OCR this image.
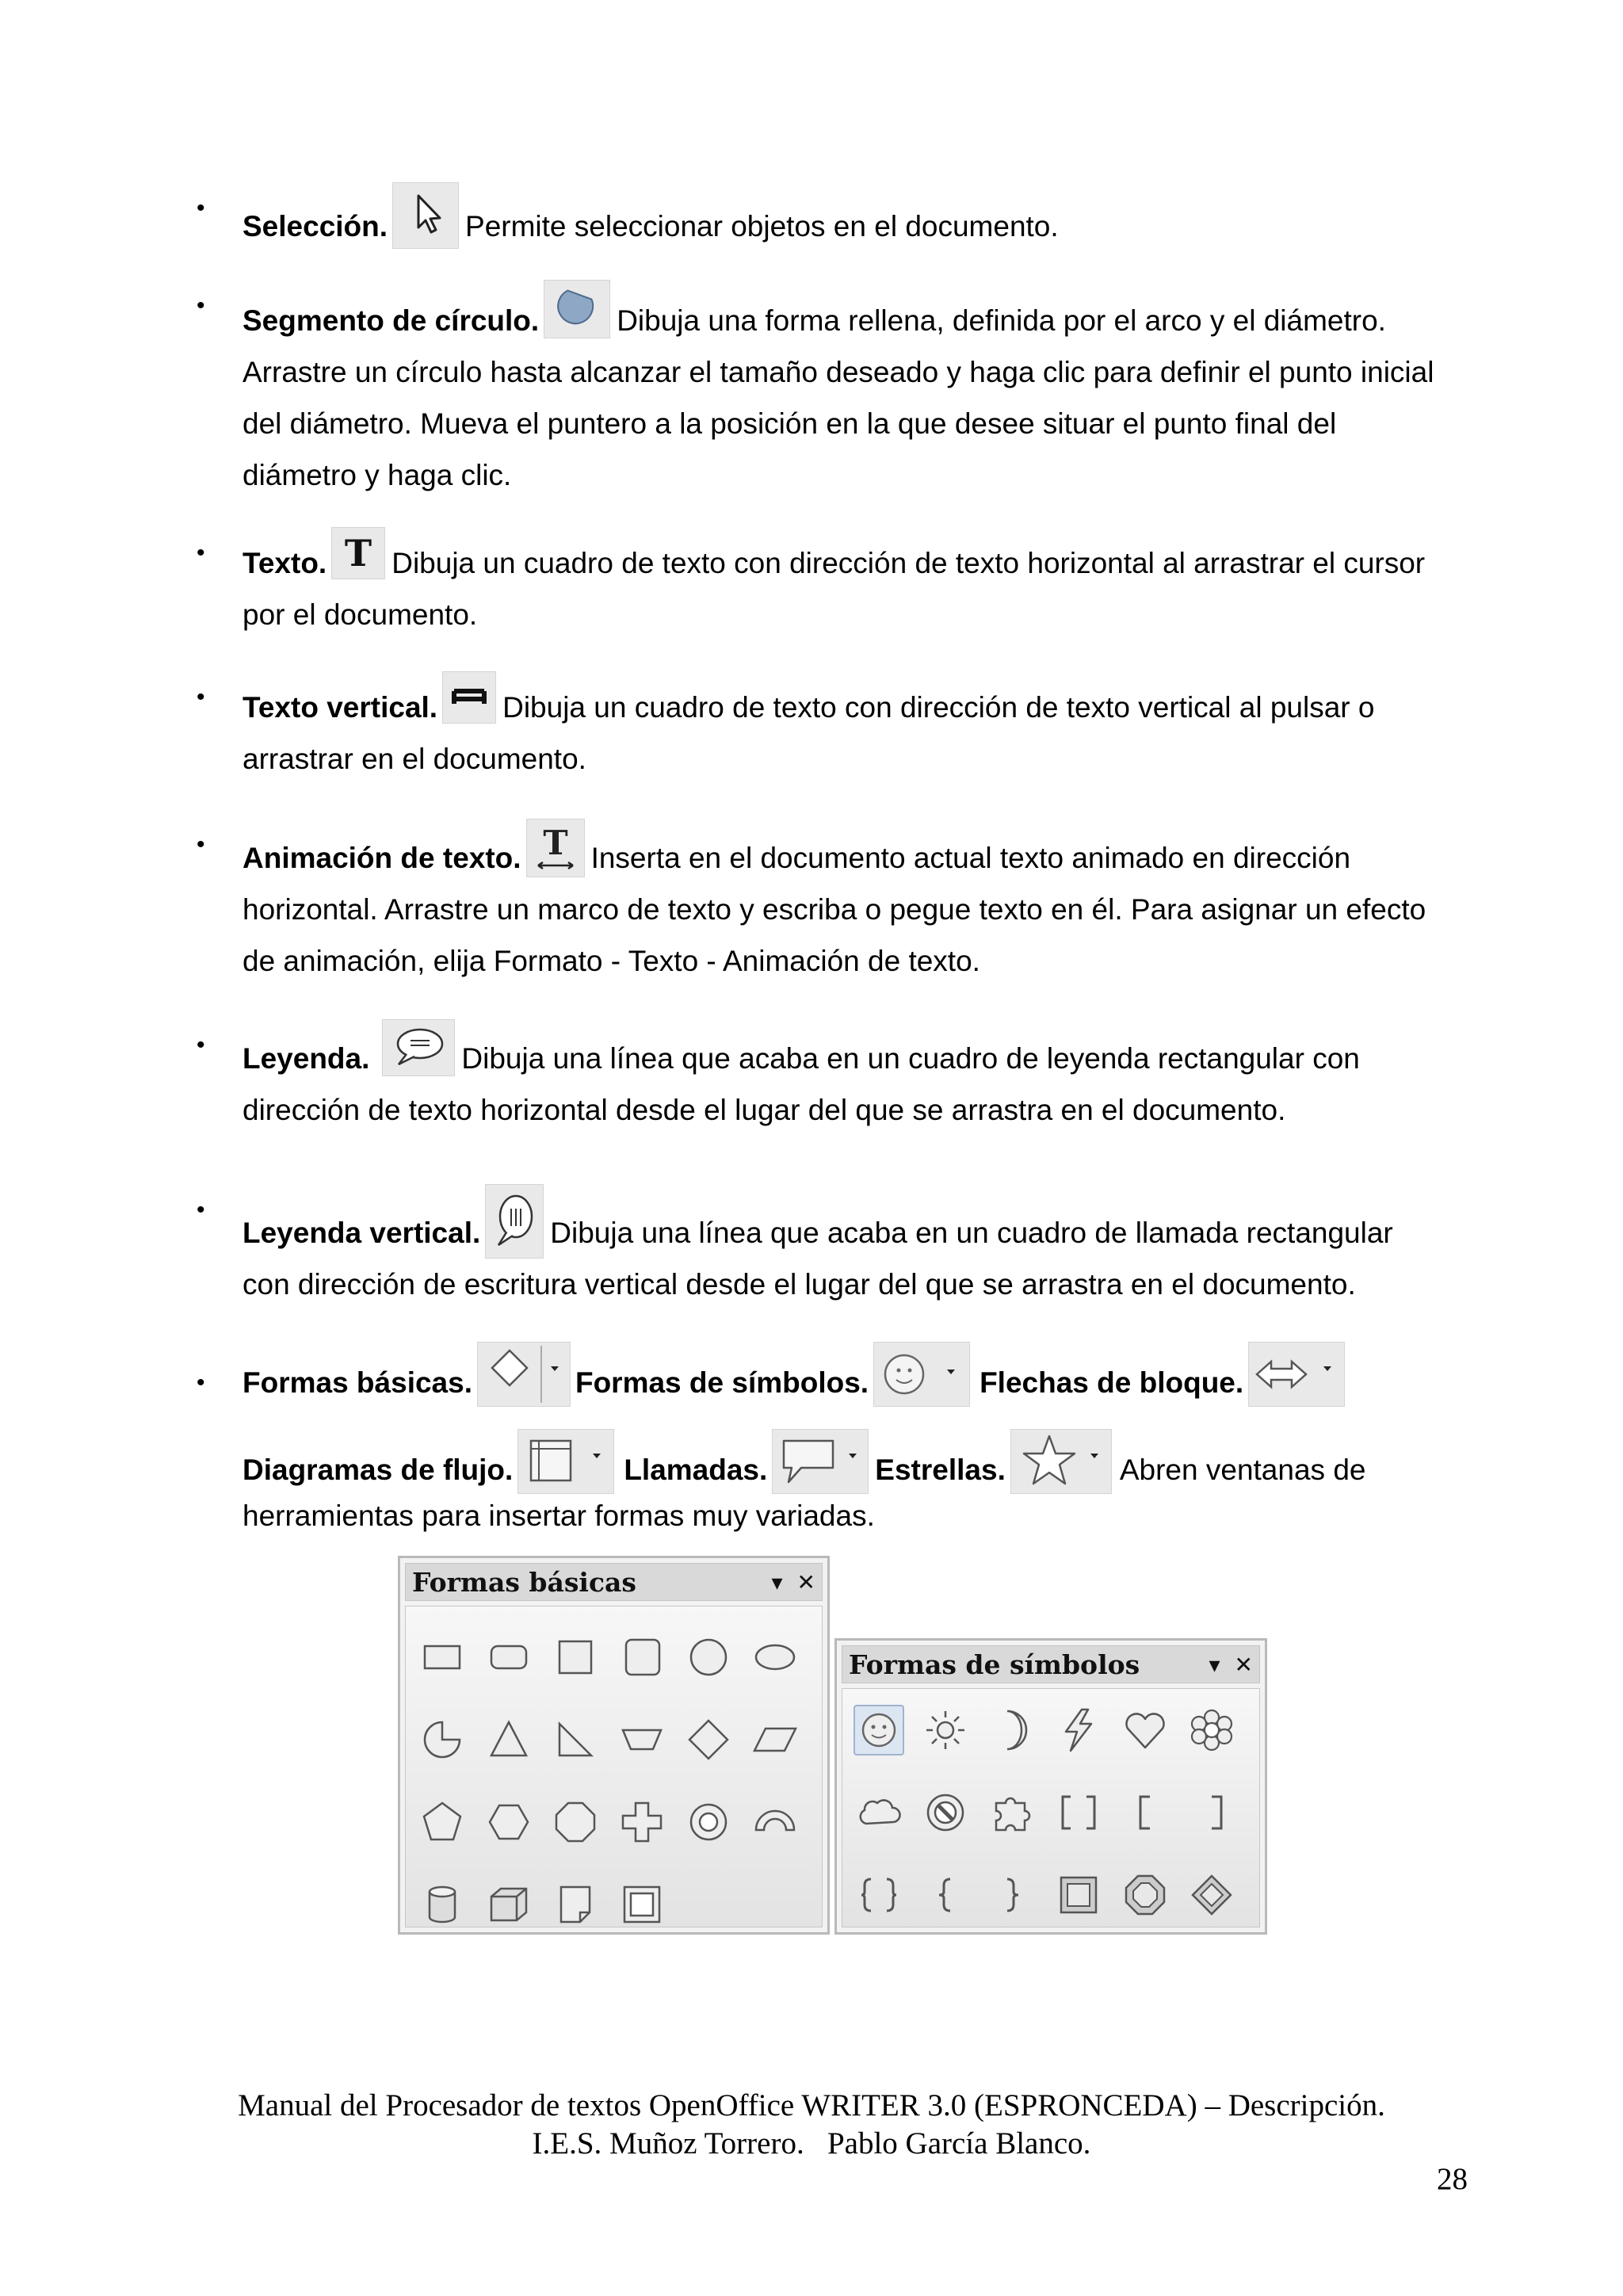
•
Selección.	Permite seleccionar objetos en el documento.
• Segmento de círculo.	Dibuja una forma rellena, definida por el arco y el diámetro.
Arrastre un círculo hasta alcanzar el tamaño deseado y haga clic para definir el punto inicial
del diámetro. Mueva el puntero a la posición en la que desee situar el punto final del
diámetro y haga clic.
• Texto. T Dibuja un cuadro de texto con dirección de texto horizontal al arrastrar el cursor
por el documento.
• Texto vertical. Dibuja un cuadro de texto con dirección de texto vertical al pulsar o
arrastrar en el documento.
• Animación de texto. T Inserta en el documento actual texto animado en dirección
horizontal. Arrastre un marco de texto y escriba o pegue texto en él. Para asignar un efecto
de animación, elija Formato - Texto - Animación de texto.
• Leyenda.	Dibuja una línea que acaba en un cuadro de leyenda rectangular con
dirección de texto horizontal desde el lugar del que se arrastra en el documento.
•
Leyenda vertical. Dibuja una línea que acaba en un cuadro de llamada rectangular
con dirección de escritura vertical desde el lugar del que se arrastra en el documento.
• Formas básicas.	Formas de símbolos.	Flechas de bloque.

Diagramas de flujo.	Llamadas.	Estrellas.	Abren ventanas de
herramientas para insertar formas muy variadas.
Formas básicas	▾ ✕
Formas de símbolos	▾ ✕
Manual del Procesador de textos OpenOffice WRITER 3.0 (ESPRONCEDA) – Descripción.
I.E.S. Muñoz Torrero.   Pablo García Blanco.
28
